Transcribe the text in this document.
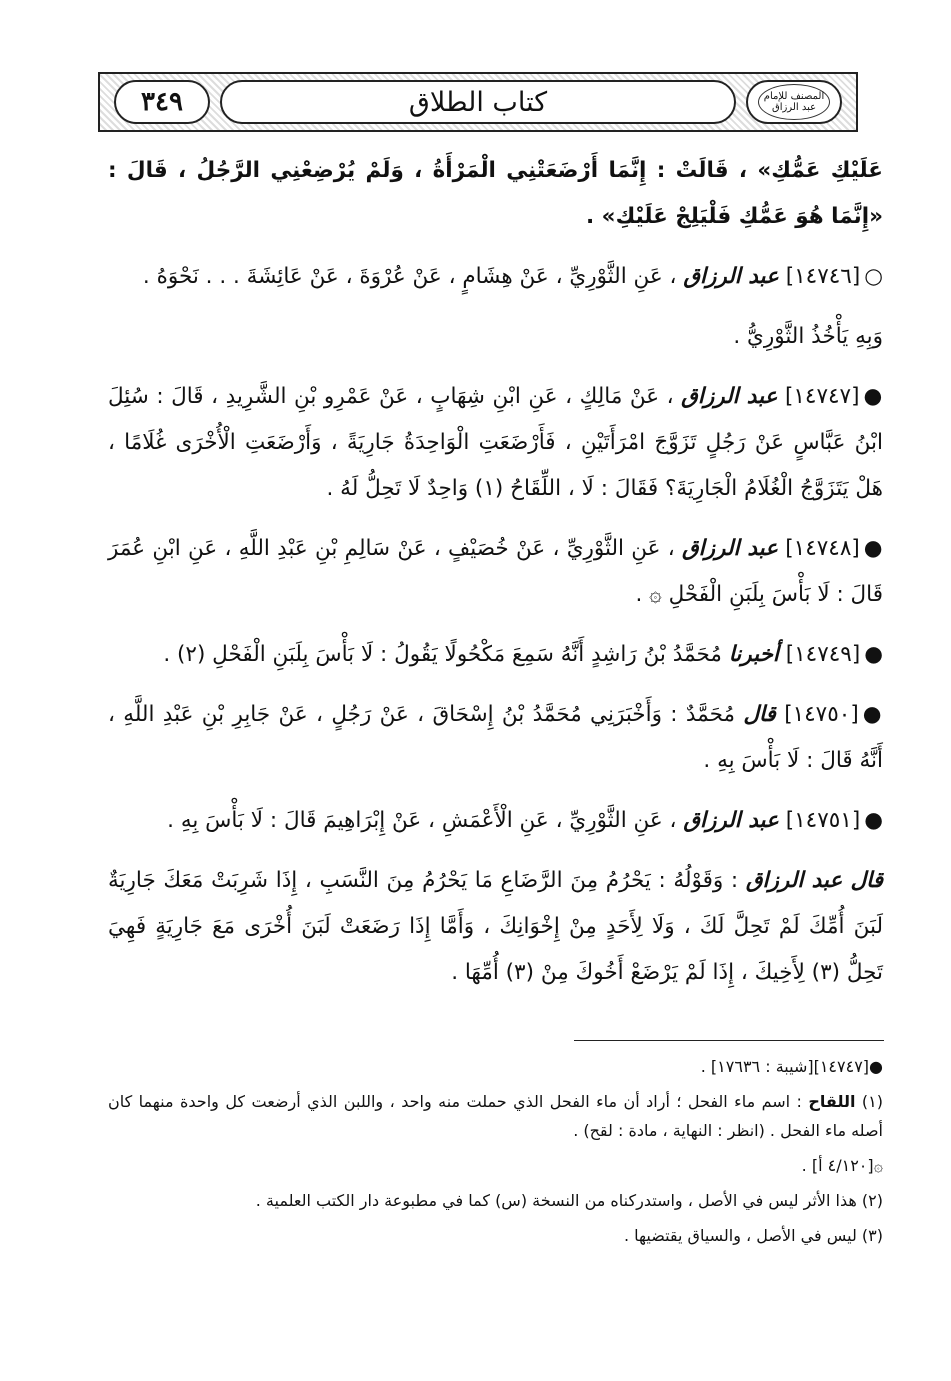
٣٤٩	كتاب الطلاق	المصنف للإمام عبد الرزاق

عَلَيْكِ عَمُّكِ» ، قَالَتْ : إِنَّمَا أَرْضَعَتْنِي الْمَرْأَةُ ، وَلَمْ يُرْضِعْنِي الرَّجُلُ ، قَالَ : «إِنَّمَا هُوَ عَمُّكِ فَلْيَلِجْ عَلَيْكِ» .

○[١٤٧٤٦] عبد الرزاق ، عَنِ الثَّوْرِيِّ ، عَنْ هِشَامٍ ، عَنْ عُرْوَةَ ، عَنْ عَائِشَةَ . . . نَحْوَهُ .

وَبِهِ يَأْخُذُ الثَّوْرِيُّ .

●[١٤٧٤٧] عبد الرزاق ، عَنْ مَالِكٍ ، عَنِ ابْنِ شِهَابٍ ، عَنْ عَمْرِو بْنِ الشَّرِيدِ ، قَالَ : سُئِلَ ابْنُ عَبَّاسٍ عَنْ رَجُلٍ تَزَوَّجَ امْرَأَتَيْنِ ، فَأَرْضَعَتِ الْوَاحِدَةُ جَارِيَةً ، وَأَرْضَعَتِ الْأُخْرَى غُلَامًا ، هَلْ يَتَزَوَّجُ الْغُلَامُ الْجَارِيَةَ؟ فَقَالَ : لَا ، اللِّقَاحُ (١) وَاحِدٌ لَا تَحِلُّ لَهُ .

●[١٤٧٤٨] عبد الرزاق ، عَنِ الثَّوْرِيِّ ، عَنْ خُصَيْفٍ ، عَنْ سَالِمِ بْنِ عَبْدِ اللَّهِ ، عَنِ ابْنِ عُمَرَ قَالَ : لَا بَأْسَ بِلَبَنِ الْفَحْلِ ۞ .

●[١٤٧٤٩] أخبرنا مُحَمَّدُ بْنُ رَاشِدٍ أَنَّهُ سَمِعَ مَكْحُولًا يَقُولُ : لَا بَأْسَ بِلَبَنِ الْفَحْلِ (٢) .

●[١٤٧٥٠] قال مُحَمَّدٌ : وَأَخْبَرَنِي مُحَمَّدُ بْنُ إِسْحَاقَ ، عَنْ رَجُلٍ ، عَنْ جَابِرِ بْنِ عَبْدِ اللَّهِ ، أَنَّهُ قَالَ : لَا بَأْسَ بِهِ .

●[١٤٧٥١] عبد الرزاق ، عَنِ الثَّوْرِيِّ ، عَنِ الْأَعْمَشِ ، عَنْ إِبْرَاهِيمَ قَالَ : لَا بَأْسَ بِهِ .

قال عبد الرزاق : وَقَوْلُهُ : يَحْرُمُ مِنَ الرَّضَاعِ مَا يَحْرُمُ مِنَ النَّسَبِ ، إِذَا شَرِبَتْ مَعَكَ جَارِيَةٌ لَبَنَ أُمِّكَ لَمْ تَحِلَّ لَكَ ، وَلَا لِأَحَدٍ مِنْ إِخْوَانِكَ ، وَأَمَّا إِذَا رَضَعَتْ لَبَنَ أُخْرَى مَعَ جَارِيَةٍ فَهِيَ تَحِلُّ (٣) لِأَخِيكَ ، إِذَا لَمْ يَرْضَعْ أَخُوكَ مِنْ (٣) أُمِّهَا .

●[١٤٧٤٧][شيبة : ١٧٦٣٦] .

(١) اللقاح : اسم ماء الفحل ؛ أراد أن ماء الفحل الذي حملت منه واحد ، واللبن الذي أرضعت كل واحدة منهما كان أصله ماء الفحل . (انظر : النهاية ، مادة : لقح) .

۞[٤/١٢٠ أ] .

(٢) هذا الأثر ليس في الأصل ، واستدركناه من النسخة (س) كما في مطبوعة دار الكتب العلمية .

(٣) ليس في الأصل ، والسياق يقتضيها .
